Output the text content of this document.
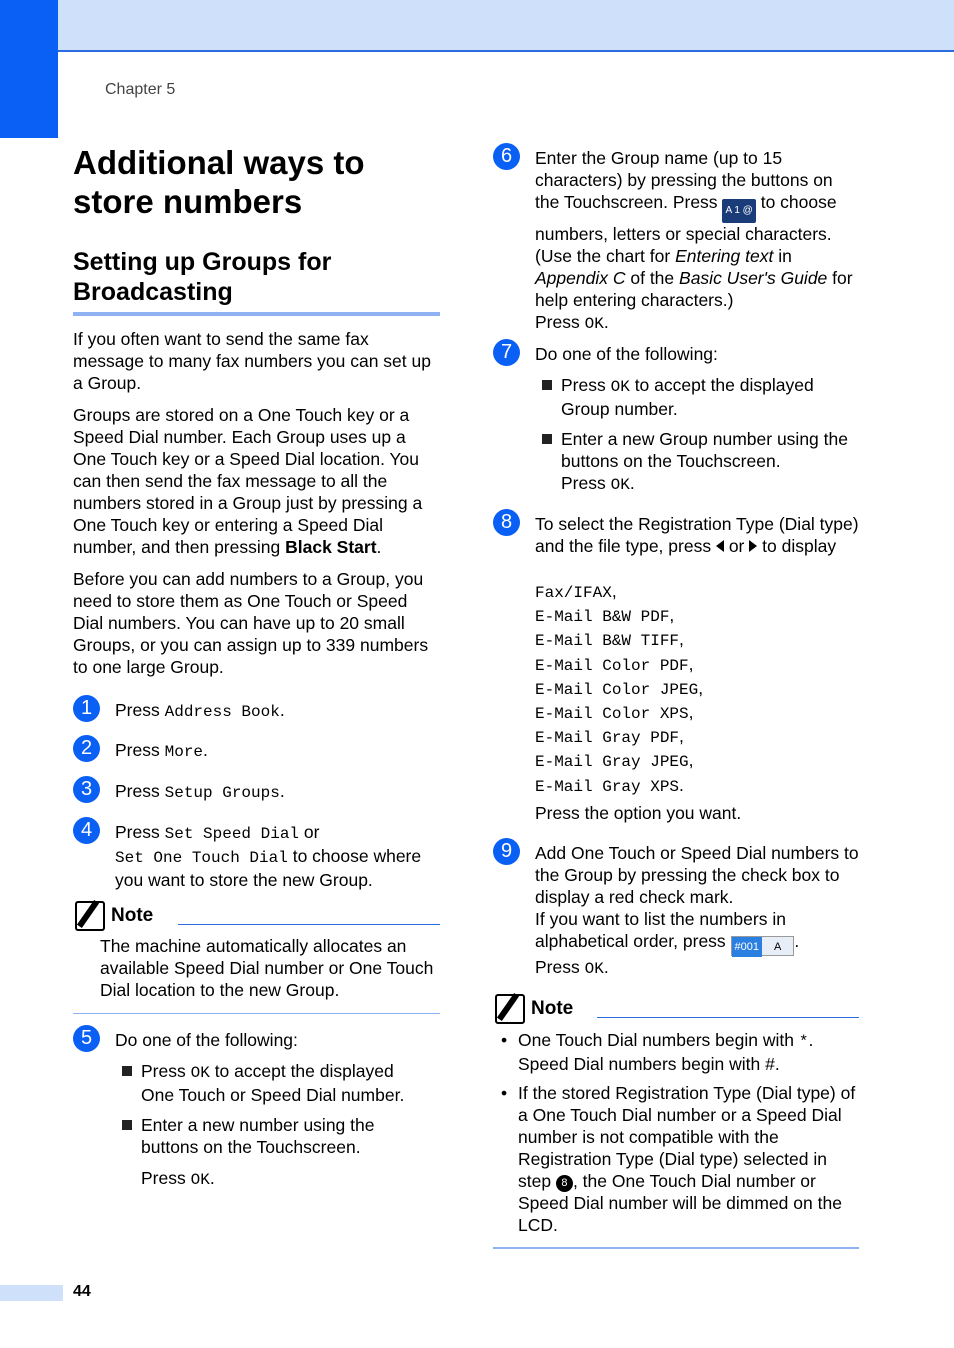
Chapter 5
Additional ways to store numbers
Setting up Groups for Broadcasting
If you often want to send the same fax message to many fax numbers you can set up a Group.
Groups are stored on a One Touch key or a Speed Dial number. Each Group uses up a One Touch key or a Speed Dial location. You can then send the fax message to all the numbers stored in a Group just by pressing a One Touch key or entering a Speed Dial number, and then pressing Black Start.
Before you can add numbers to a Group, you need to store them as One Touch or Speed Dial numbers. You can have up to 20 small Groups, or you can assign up to 339 numbers to one large Group.
1	Press Address Book.
2	Press More.
3	Press Setup Groups.
4	Press Set Speed Dial or
Set One Touch Dial to choose where you want to store the new Group.
Note
The machine automatically allocates an available Speed Dial number or One Touch Dial location to the new Group.
5	Do one of the following:
Press OK to accept the displayed One Touch or Speed Dial number.
Enter a new number using the buttons on the Touchscreen.
Press OK.
6	Enter the Group name (up to 15 characters) by pressing the buttons on the Touchscreen. Press A 1 @ to choose numbers, letters or special characters. (Use the chart for Entering text in Appendix C of the Basic User's Guide for help entering characters.)
Press OK.
7	Do one of the following:
Press OK to accept the displayed Group number.
Enter a new Group number using the buttons on the Touchscreen.
Press OK.
8	To select the Registration Type (Dial type) and the file type, press or to display
Fax/IFAX,
E-Mail B&W PDF,
E-Mail B&W TIFF,
E-Mail Color PDF,
E-Mail Color JPEG,
E-Mail Color XPS,
E-Mail Gray PDF,
E-Mail Gray JPEG,
E-Mail Gray XPS.
Press the option you want.
9	Add One Touch or Speed Dial numbers to the Group by pressing the check box to display a red check mark.
If you want to list the numbers in alphabetical order, press #001 A .
Press OK.
Note
• One Touch Dial numbers begin with *.
Speed Dial numbers begin with #.
• If the stored Registration Type (Dial type) of a One Touch Dial number or a Speed Dial number is not compatible with the Registration Type (Dial type) selected in step 8 , the One Touch Dial number or Speed Dial number will be dimmed on the LCD.
44
